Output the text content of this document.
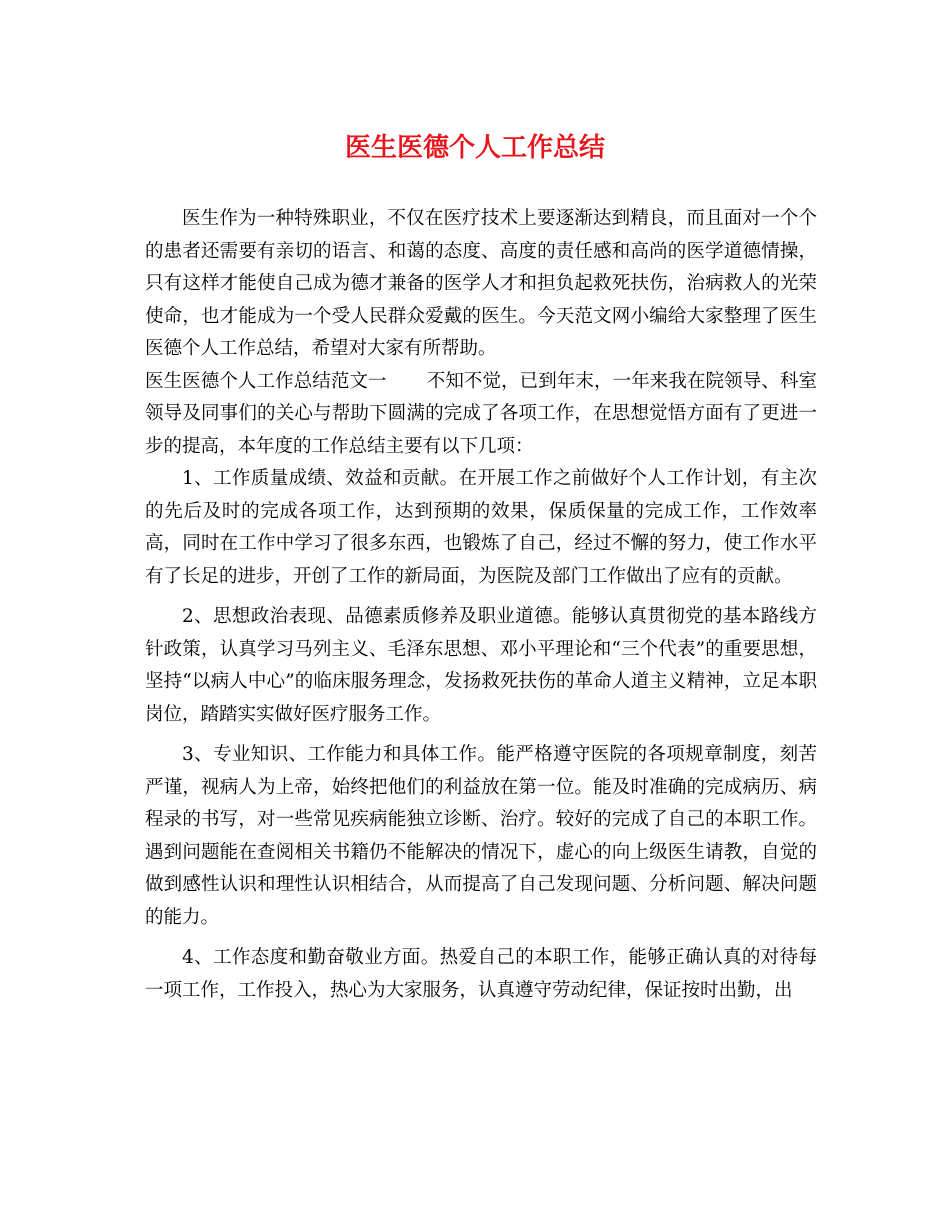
医生医德个人工作总结

医生作为一种特殊职业，不仅在医疗技术上要逐渐达到精良，而且面对一个个的患者还需要有亲切的语言、和蔼的态度、高度的责任感和高尚的医学道德情操，只有这样才能使自己成为德才兼备的医学人才和担负起救死扶伤，治病救人的光荣使命，也才能成为一个受人民群众爱戴的医生。今天范文网小编给大家整理了医生医德个人工作总结，希望对大家有所帮助。

医生医德个人工作总结范文一 不知不觉，已到年末，一年来我在院领导、科室领导及同事们的关心与帮助下圆满的完成了各项工作，在思想觉悟方面有了更进一步的提高，本年度的工作总结主要有以下几项：

1、工作质量成绩、效益和贡献。在开展工作之前做好个人工作计划，有主次的先后及时的完成各项工作，达到预期的效果，保质保量的完成工作，工作效率高，同时在工作中学习了很多东西，也锻炼了自己，经过不懈的努力，使工作水平有了长足的进步，开创了工作的新局面，为医院及部门工作做出了应有的贡献。

2、思想政治表现、品德素质修养及职业道德。能够认真贯彻党的基本路线方针政策，认真学习马列主义、毛泽东思想、邓小平理论和“三个代表”的重要思想，坚持“以病人中心”的临床服务理念，发扬救死扶伤的革命人道主义精神，立足本职岗位，踏踏实实做好医疗服务工作。

3、专业知识、工作能力和具体工作。能严格遵守医院的各项规章制度，刻苦严谨，视病人为上帝，始终把他们的利益放在第一位。能及时准确的完成病历、病程录的书写，对一些常见疾病能独立诊断、治疗。较好的完成了自己的本职工作。遇到问题能在查阅相关书籍仍不能解决的情况下，虚心的向上级医生请教，自觉的做到感性认识和理性认识相结合，从而提高了自己发现问题、分析问题、解决问题的能力。

4、工作态度和勤奋敬业方面。热爱自己的本职工作，能够正确认真的对待每一项工作，工作投入，热心为大家服务，认真遵守劳动纪律，保证按时出勤，出
